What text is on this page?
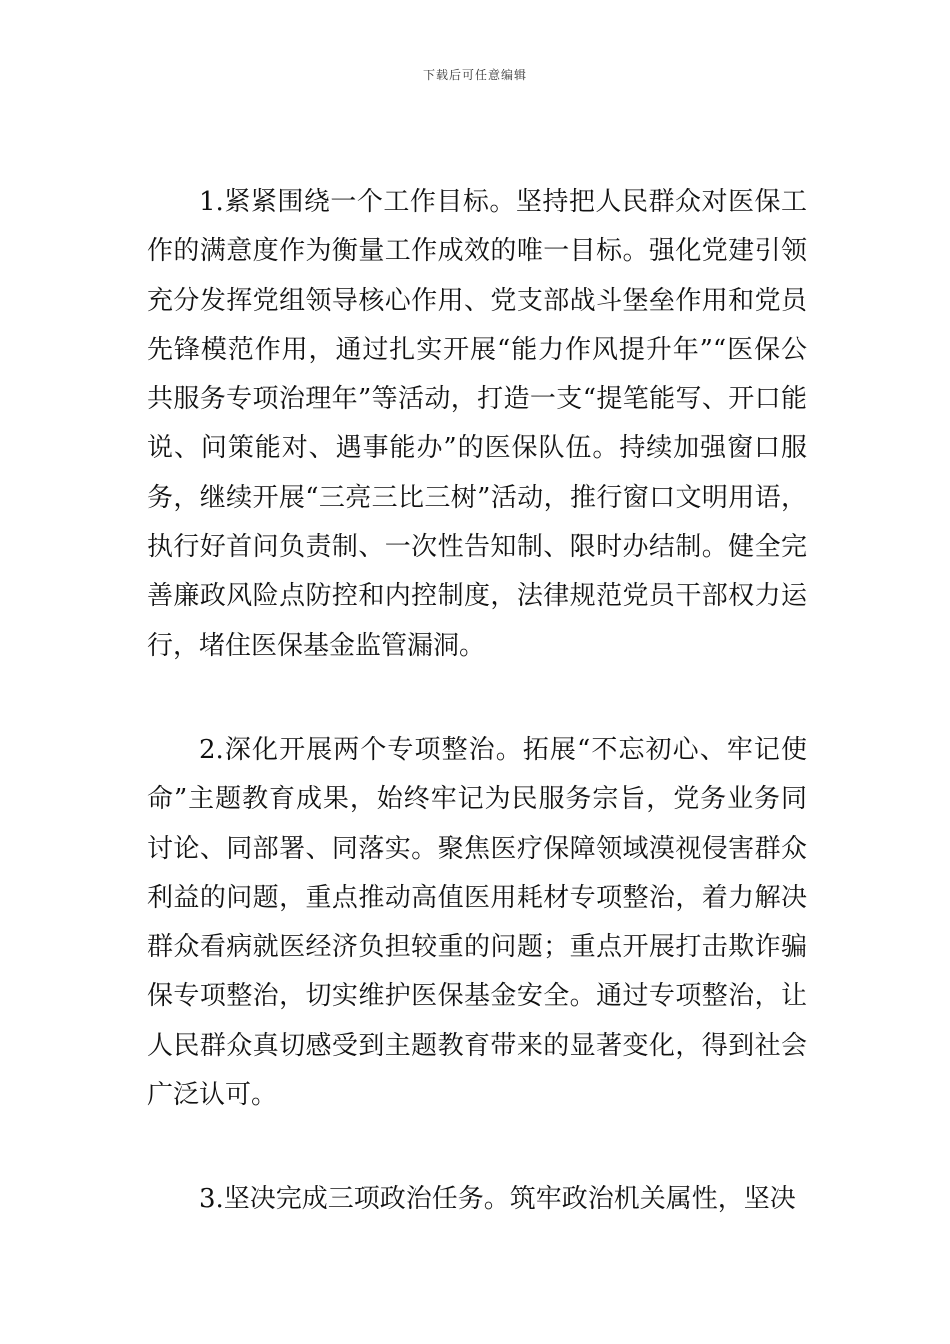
下载后可任意编辑

1.紧紧围绕一个工作目标。坚持把人民群众对医保工作的满意度作为衡量工作成效的唯一目标。强化党建引领充分发挥党组领导核心作用、党支部战斗堡垒作用和党员先锋模范作用，通过扎实开展“能力作风提升年”“医保公共服务专项治理年”等活动，打造一支“提笔能写、开口能说、问策能对、遇事能办”的医保队伍。持续加强窗口服务，继续开展“三亮三比三树”活动，推行窗口文明用语，执行好首问负责制、一次性告知制、限时办结制。健全完善廉政风险点防控和内控制度，法律规范党员干部权力运行，堵住医保基金监管漏洞。

2.深化开展两个专项整治。拓展“不忘初心、牢记使命”主题教育成果，始终牢记为民服务宗旨，党务业务同讨论、同部署、同落实。聚焦医疗保障领域漠视侵害群众利益的问题，重点推动高值医用耗材专项整治，着力解决群众看病就医经济负担较重的问题；重点开展打击欺诈骗保专项整治，切实维护医保基金安全。通过专项整治，让人民群众真切感受到主题教育带来的显著变化，得到社会广泛认可。

3.坚决完成三项政治任务。筑牢政治机关属性，坚决
